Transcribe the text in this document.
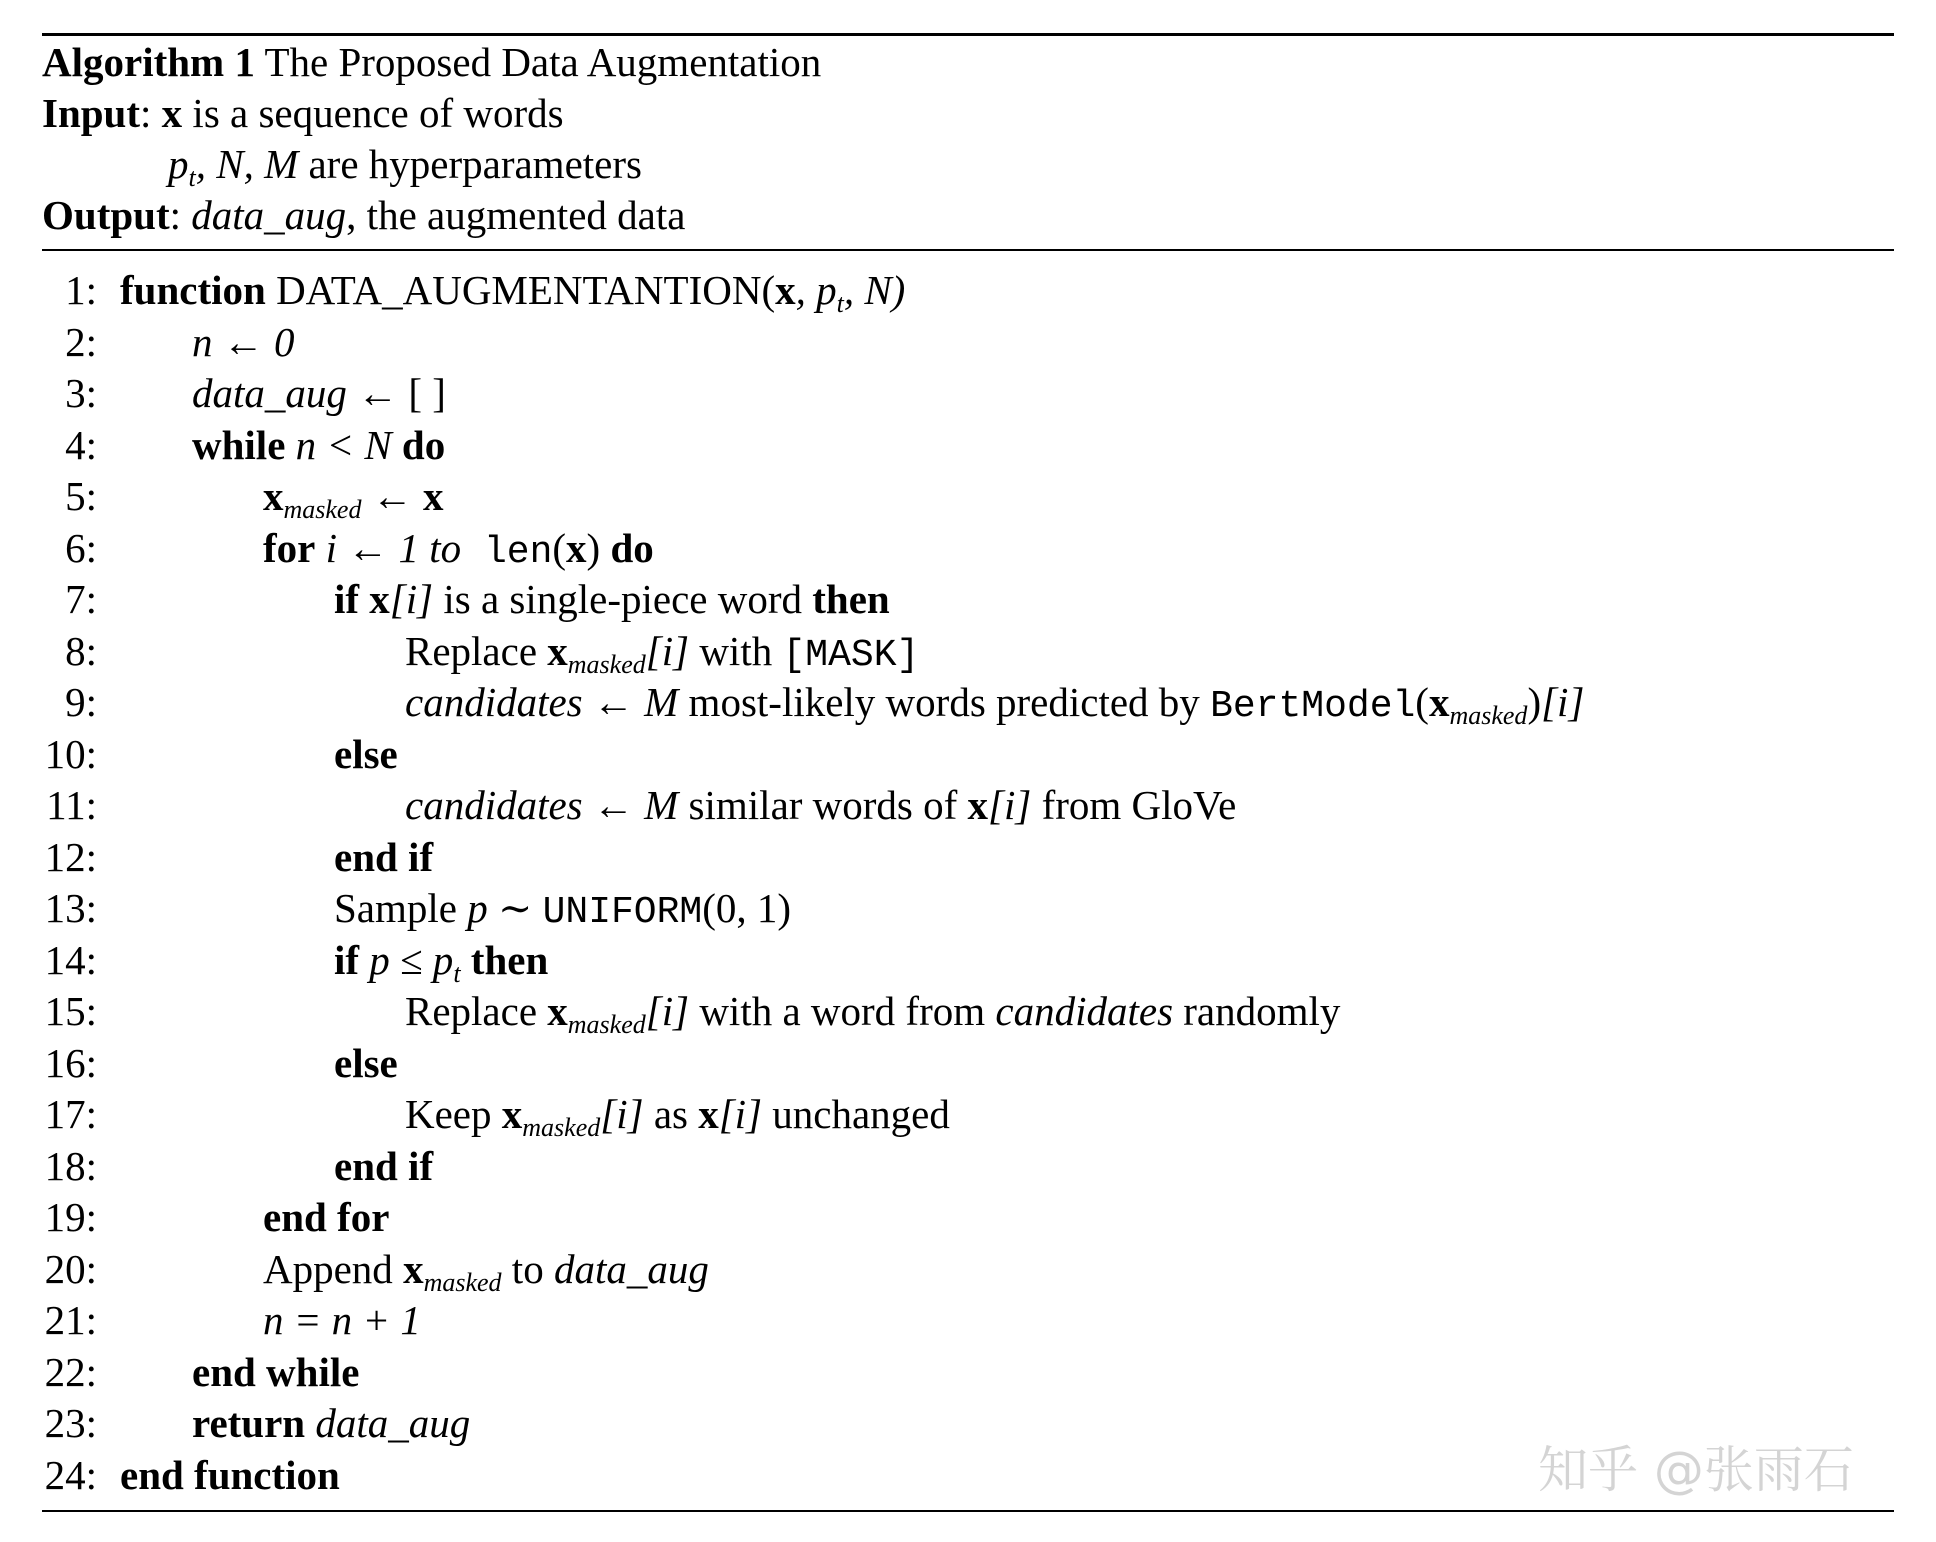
Algorithm 1 The Proposed Data Augmentation
Input: x is a sequence of words
$p_t$, N, M are hyperparameters
Output: data_aug, the augmented data
1: function DATA_AUGMENTANTION(x, $p_t$, N)
2: n ← 0
3: data_aug ← [ ]
4: while n < N do
5:	$x_{masked}$ ← x
6:	for i ← 1 to len(x) do
7:	if x[i] is a single-piece word then
8:	Replace $x_{masked}[i]$ with [MASK]
9:	candidates ← M most-likely words predicted by $BertModel(x_{masked})[i]$
10:	else
11:	candidates ← M similar words of x[i] from GloVe
12:	end if
13:	Sample p ∼ UNIFORM(0, 1)
14:	if $p \le p_t$ then
15:	Replace $x_{masked}[i]$ with a word from candidates randomly
16:	else
17:	Keep $x_{masked}[i]$ as x[i] unchanged
18:	end if
19:	end for
20:	Append $x_{masked}$ to data_aug
21:	n = n + 1
22: end while
23: return data_aug
24: end function	知乎 @张雨石
